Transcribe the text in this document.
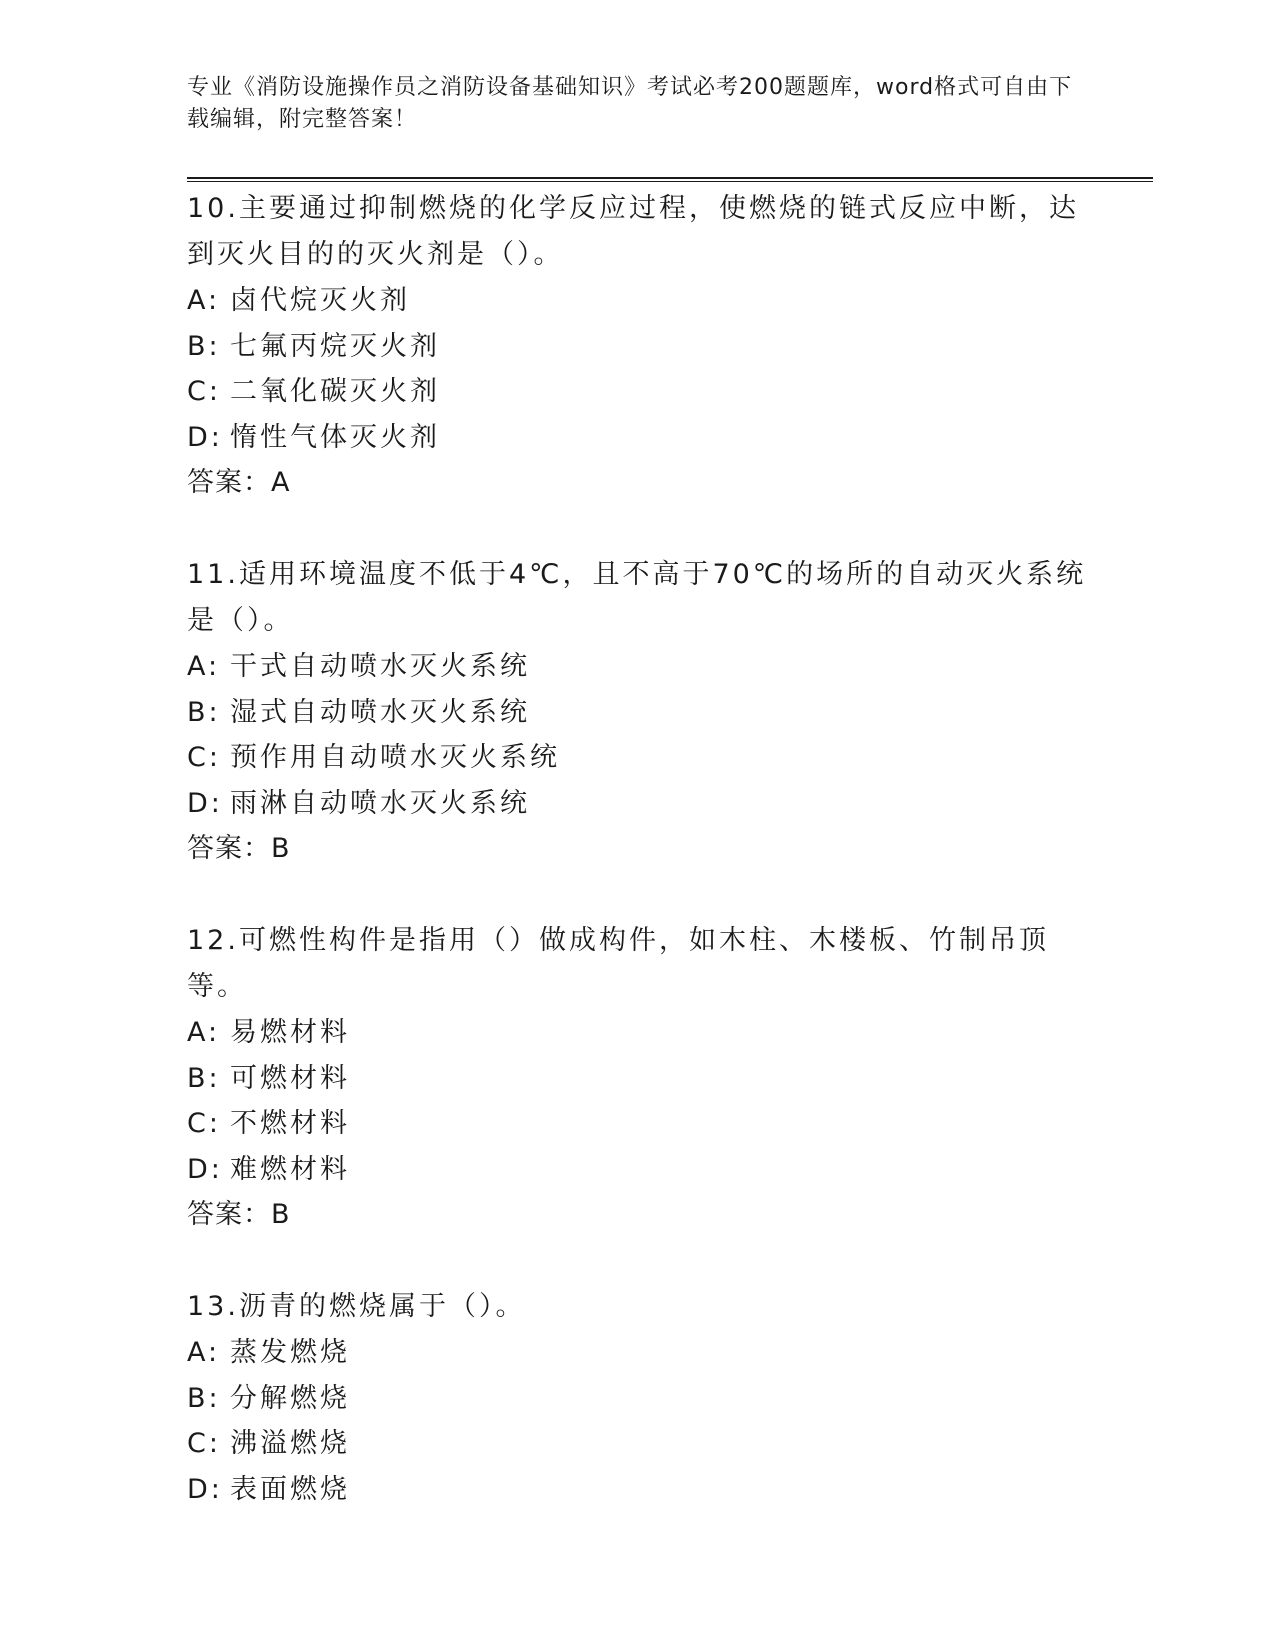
专业《消防设施操作员之消防设备基础知识》考试必考200题题库，word格式可自由下载编辑，附完整答案！
10.主要通过抑制燃烧的化学反应过程，使燃烧的链式反应中断，达到灭火目的的灭火剂是（）。
A: 卤代烷灭火剂
B: 七氟丙烷灭火剂
C: 二氧化碳灭火剂
D: 惰性气体灭火剂
答案：A
11.适用环境温度不低于4℃，且不高于70℃的场所的自动灭火系统是（）。
A: 干式自动喷水灭火系统
B: 湿式自动喷水灭火系统
C: 预作用自动喷水灭火系统
D: 雨淋自动喷水灭火系统
答案：B
12.可燃性构件是指用（）做成构件，如木柱、木楼板、竹制吊顶等。
A: 易燃材料
B: 可燃材料
C: 不燃材料
D: 难燃材料
答案：B
13.沥青的燃烧属于（）。
A: 蒸发燃烧
B: 分解燃烧
C: 沸溢燃烧
D: 表面燃烧
